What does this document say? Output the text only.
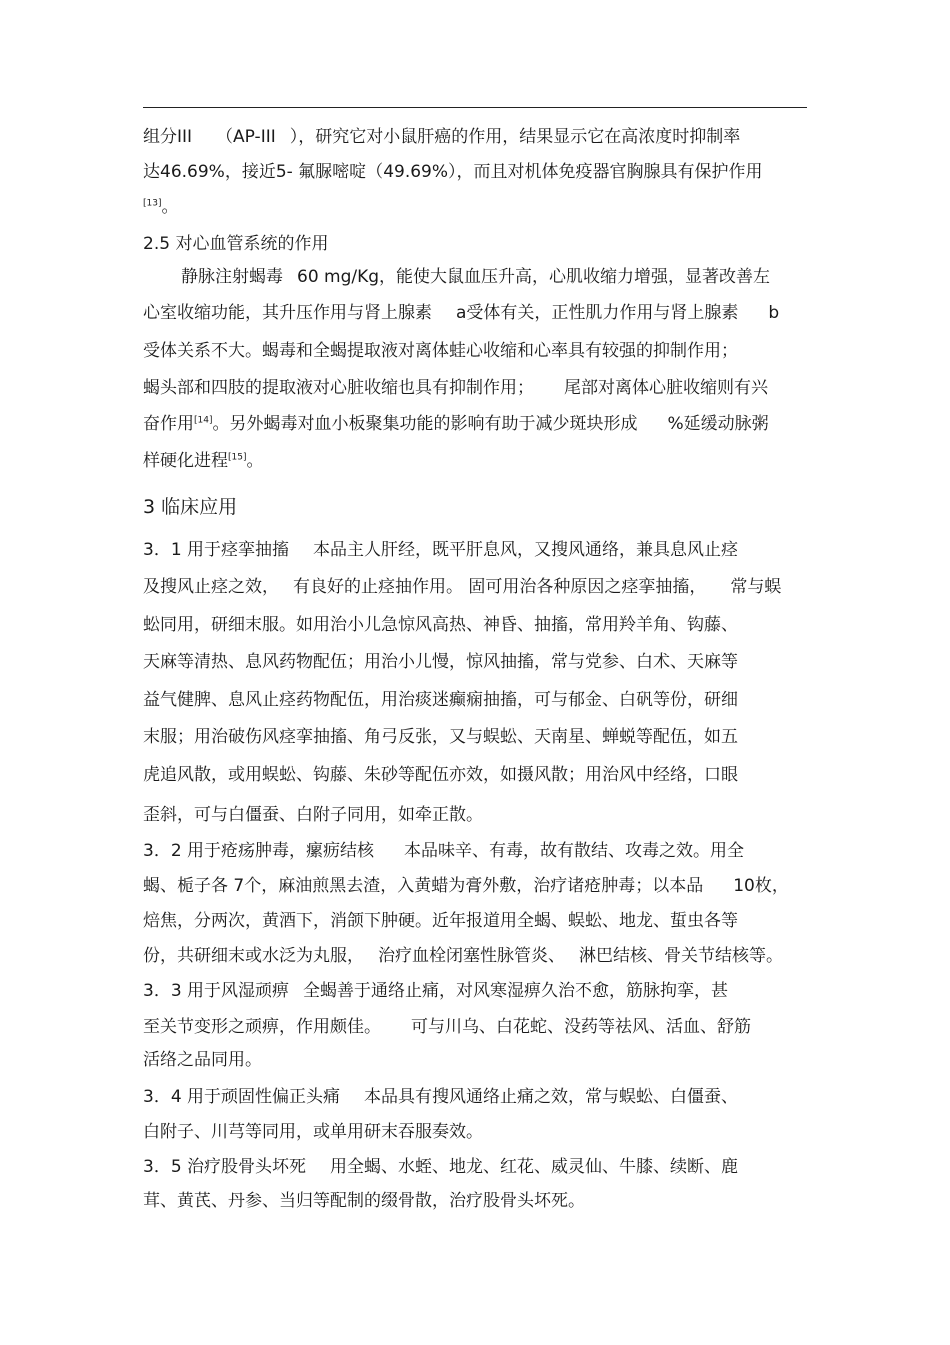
组分III （AP-III ），研究它对小鼠肝癌的作用，结果显示它在高浓度时抑制率
达46.69%，接近5- 氟脲嘧啶（49.69%），而且对机体免疫器官胸腺具有保护作用
[13]。
2.5 对心血管系统的作用
静脉注射蝎毒 60 mg/Kg，能使大鼠血压升高，心肌收缩力增强，显著改善左
心室收缩功能，其升压作用与肾上腺素 a受体有关，正性肌力作用与肾上腺素 b
受体关系不大。蝎毒和全蝎提取液对离体蛙心收缩和心率具有较强的抑制作用；
蝎头部和四肢的提取液对心脏收缩也具有抑制作用； 尾部对离体心脏收缩则有兴
奋作用[14]。另外蝎毒对血小板聚集功能的影响有助于减少斑块形成 %延缓动脉粥
样硬化进程[15]。
3 临床应用
3．1 用于痉挛抽搐 本品主人肝经，既平肝息风，又搜风通络，兼具息风止痉
及搜风止痉之效， 有良好的止痉抽作用。 固可用治各种原因之痉挛抽搐， 常与蜈
蚣同用，研细末服。如用治小儿急惊风高热、神昏、抽搐，常用羚羊角、钩藤、
天麻等清热、息风药物配伍；用治小儿慢，惊风抽搐，常与党参、白术、天麻等
益气健脾、息风止痉药物配伍，用治痰迷癫痫抽搐，可与郁金、白矾等份，研细
末服；用治破伤风痉挛抽搐、角弓反张，又与蜈蚣、天南星、蝉蜕等配伍，如五
虎追风散，或用蜈蚣、钩藤、朱砂等配伍亦效，如摄风散；用治风中经络，口眼
歪斜，可与白僵蚕、白附子同用，如牵正散。
3．2 用于疮疡肿毒，瘰疬结核 本品味辛、有毒，故有散结、攻毒之效。用全
蝎、栀子各 7个，麻油煎黑去渣，入黄蜡为膏外敷，治疗诸疮肿毒；以本品 10枚，
焙焦，分两次，黄酒下，消颌下肿硬。近年报道用全蝎、蜈蚣、地龙、蜇虫各等
份，共研细末或水泛为丸服， 治疗血栓闭塞性脉管炎、 淋巴结核、骨关节结核等。
3．3 用于风湿顽痹 全蝎善于通络止痛，对风寒湿痹久治不愈，筋脉拘挛，甚
至关节变形之顽痹，作用颇佳。 可与川乌、白花蛇、没药等祛风、活血、舒筋
活络之品同用。
3．4 用于顽固性偏正头痛 本品具有搜风通络止痛之效，常与蜈蚣、白僵蚕、
白附子、川芎等同用，或单用研末吞服奏效。
3．5 治疗股骨头坏死 用全蝎、水蛭、地龙、红花、威灵仙、牛膝、续断、鹿
茸、黄芪、丹参、当归等配制的缀骨散，治疗股骨头坏死。
